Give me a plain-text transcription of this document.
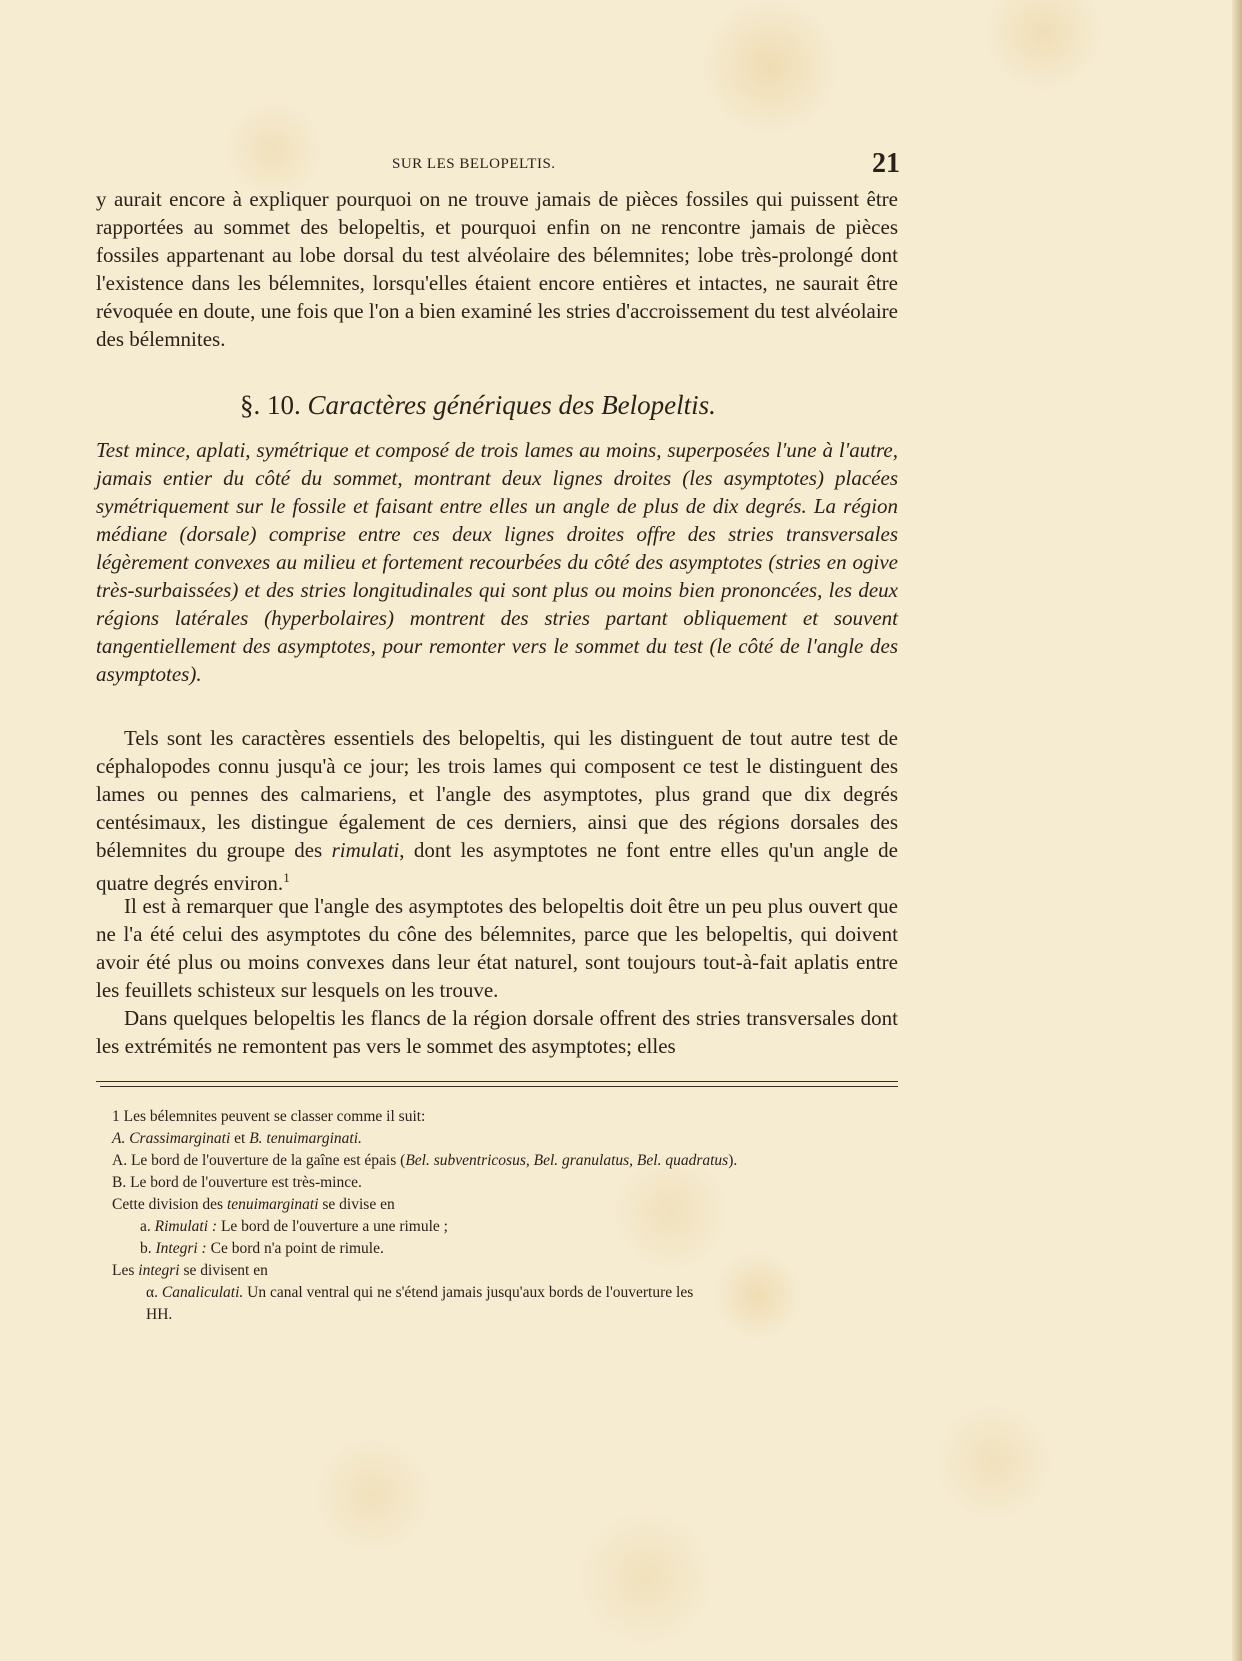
SUR LES BELOPELTIS.	21

y aurait encore à expliquer pourquoi on ne trouve jamais de pièces fossiles qui puissent être rapportées au sommet des belopeltis, et pourquoi enfin on ne rencontre jamais de pièces fossiles appartenant au lobe dorsal du test alvéolaire des bélemnites; lobe très-prolongé dont l'existence dans les bélemnites, lorsqu'elles étaient encore entières et intactes, ne saurait être révoquée en doute, une fois que l'on a bien examiné les stries d'accroissement du test alvéolaire des bélemnites.

§. 10. Caractères génériques des Belopeltis.

Test mince, aplati, symétrique et composé de trois lames au moins, superposées l'une à l'autre, jamais entier du côté du sommet, montrant deux lignes droites (les asymptotes) placées symétriquement sur le fossile et faisant entre elles un angle de plus de dix degrés. La région médiane (dorsale) comprise entre ces deux lignes droites offre des stries transversales légèrement convexes au milieu et fortement recourbées du côté des asymptotes (stries en ogive très-surbaissées) et des stries longitudinales qui sont plus ou moins bien prononcées, les deux régions latérales (hyperbolaires) montrent des stries partant obliquement et souvent tangentiellement des asymptotes, pour remonter vers le sommet du test (le côté de l'angle des asymptotes).

Tels sont les caractères essentiels des belopeltis, qui les distinguent de tout autre test de céphalopodes connu jusqu'à ce jour; les trois lames qui composent ce test le distinguent des lames ou pennes des calmariens, et l'angle des asymptotes, plus grand que dix degrés centésimaux, les distingue également de ces derniers, ainsi que des régions dorsales des bélemnites du groupe des rimulati, dont les asymptotes ne font entre elles qu'un angle de quatre degrés environ.$^1$

Il est à remarquer que l'angle des asymptotes des belopeltis doit être un peu plus ouvert que ne l'a été celui des asymptotes du cône des bélemnites, parce que les belopeltis, qui doivent avoir été plus ou moins convexes dans leur état naturel, sont toujours tout-à-fait aplatis entre les feuillets schisteux sur lesquels on les trouve.

Dans quelques belopeltis les flancs de la région dorsale offrent des stries transversales dont les extrémités ne remontent pas vers le sommet des asymptotes; elles

1 Les bélemnites peuvent se classer comme il suit:
A. Crassimarginati et B. tenuimarginati.
A. Le bord de l'ouverture de la gaîne est épais (Bel. subventricosus, Bel. granulatus, Bel. quadratus).
B. Le bord de l'ouverture est très-mince.
Cette division des tenuimarginati se divise en
a. Rimulati : Le bord de l'ouverture a une rimule ;
b. Integri : Ce bord n'a point de rimule.
Les integri se divisent en
α. Canaliculati. Un canal ventral qui ne s'étend jamais jusqu'aux bords de l'ouverture les
HH.
